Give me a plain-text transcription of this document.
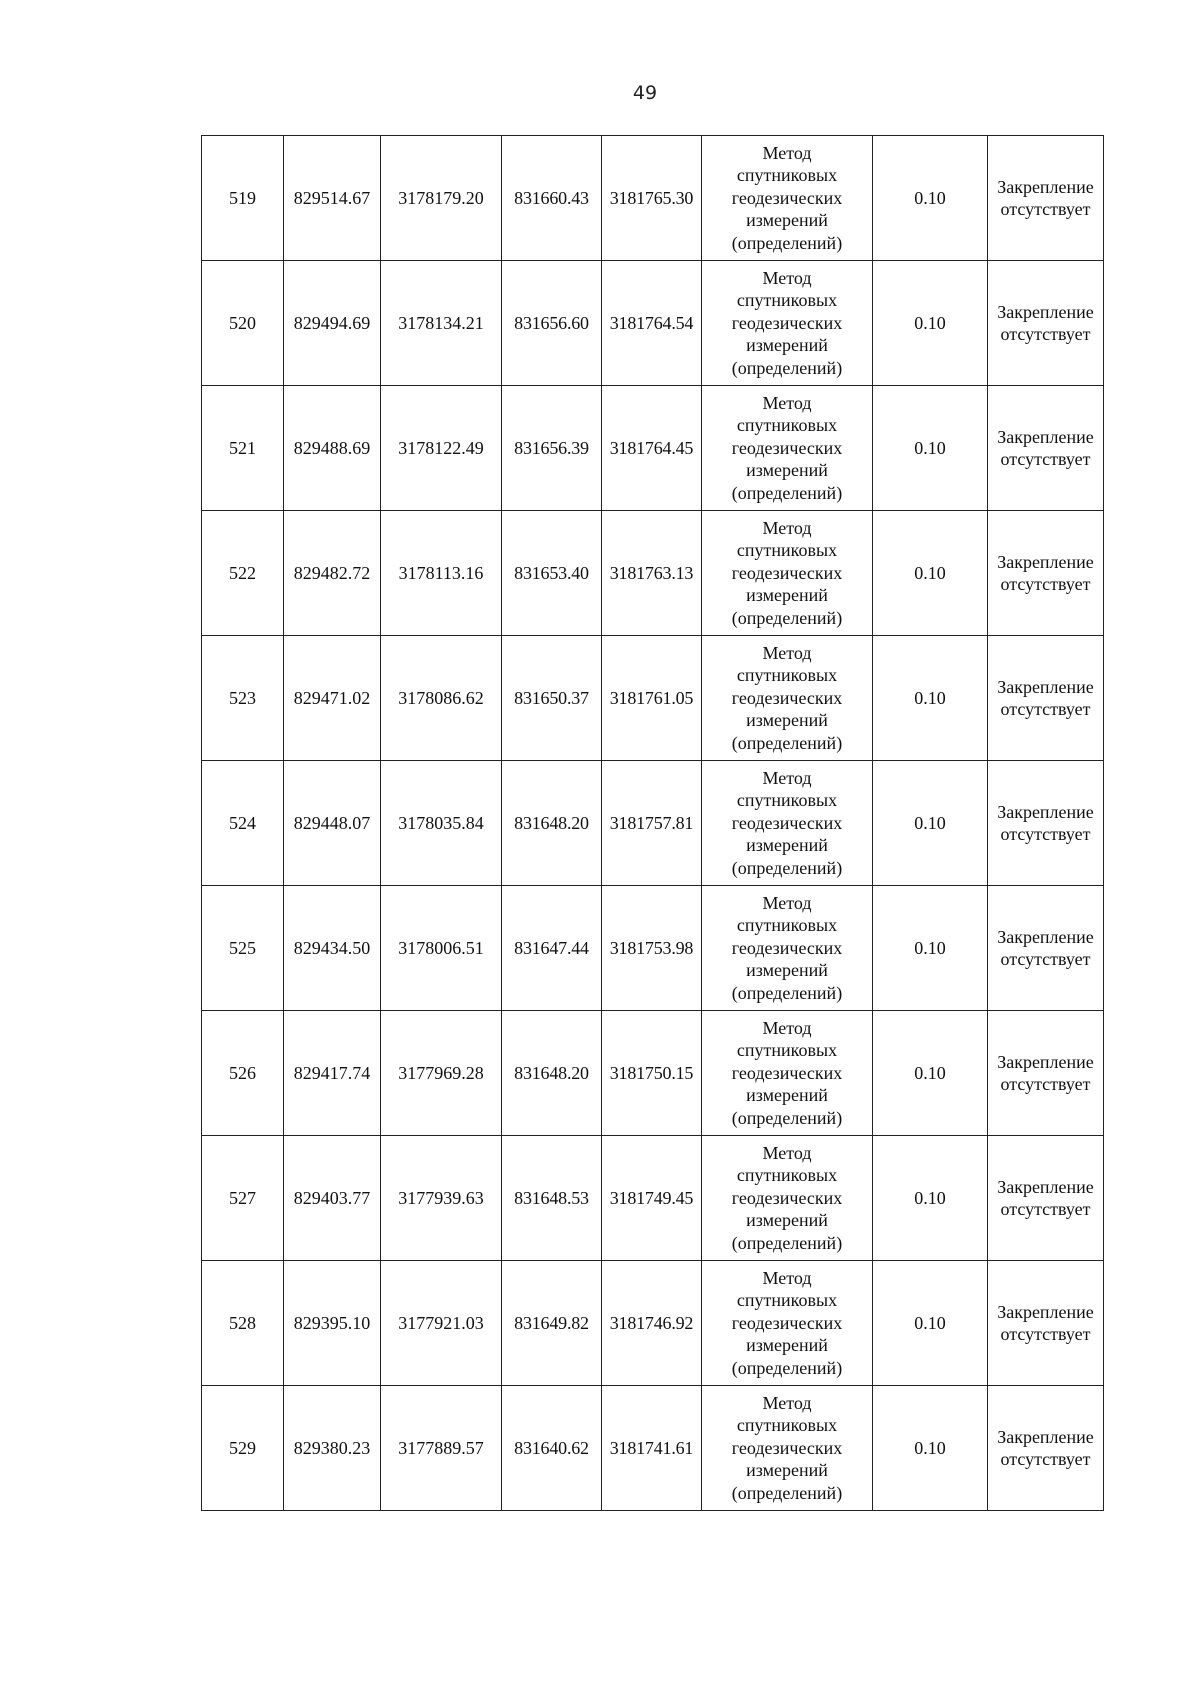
49
519	829514.67	3178179.20	831660.43	3181765.30	Метод
спутниковых
геодезических
измерений
(определений)	0.10	Закрепление
отсутствует
520	829494.69	3178134.21	831656.60	3181764.54	Метод
спутниковых
геодезических
измерений
(определений)	0.10	Закрепление
отсутствует
521	829488.69	3178122.49	831656.39	3181764.45	Метод
спутниковых
геодезических
измерений
(определений)	0.10	Закрепление
отсутствует
522	829482.72	3178113.16	831653.40	3181763.13	Метод
спутниковых
геодезических
измерений
(определений)	0.10	Закрепление
отсутствует
523	829471.02	3178086.62	831650.37	3181761.05	Метод
спутниковых
геодезических
измерений
(определений)	0.10	Закрепление
отсутствует
524	829448.07	3178035.84	831648.20	3181757.81	Метод
спутниковых
геодезических
измерений
(определений)	0.10	Закрепление
отсутствует
525	829434.50	3178006.51	831647.44	3181753.98	Метод
спутниковых
геодезических
измерений
(определений)	0.10	Закрепление
отсутствует
526	829417.74	3177969.28	831648.20	3181750.15	Метод
спутниковых
геодезических
измерений
(определений)	0.10	Закрепление
отсутствует
527	829403.77	3177939.63	831648.53	3181749.45	Метод
спутниковых
геодезических
измерений
(определений)	0.10	Закрепление
отсутствует
528	829395.10	3177921.03	831649.82	3181746.92	Метод
спутниковых
геодезических
измерений
(определений)	0.10	Закрепление
отсутствует
529	829380.23	3177889.57	831640.62	3181741.61	Метод
спутниковых
геодезических
измерений
(определений)	0.10	Закрепление
отсутствует
